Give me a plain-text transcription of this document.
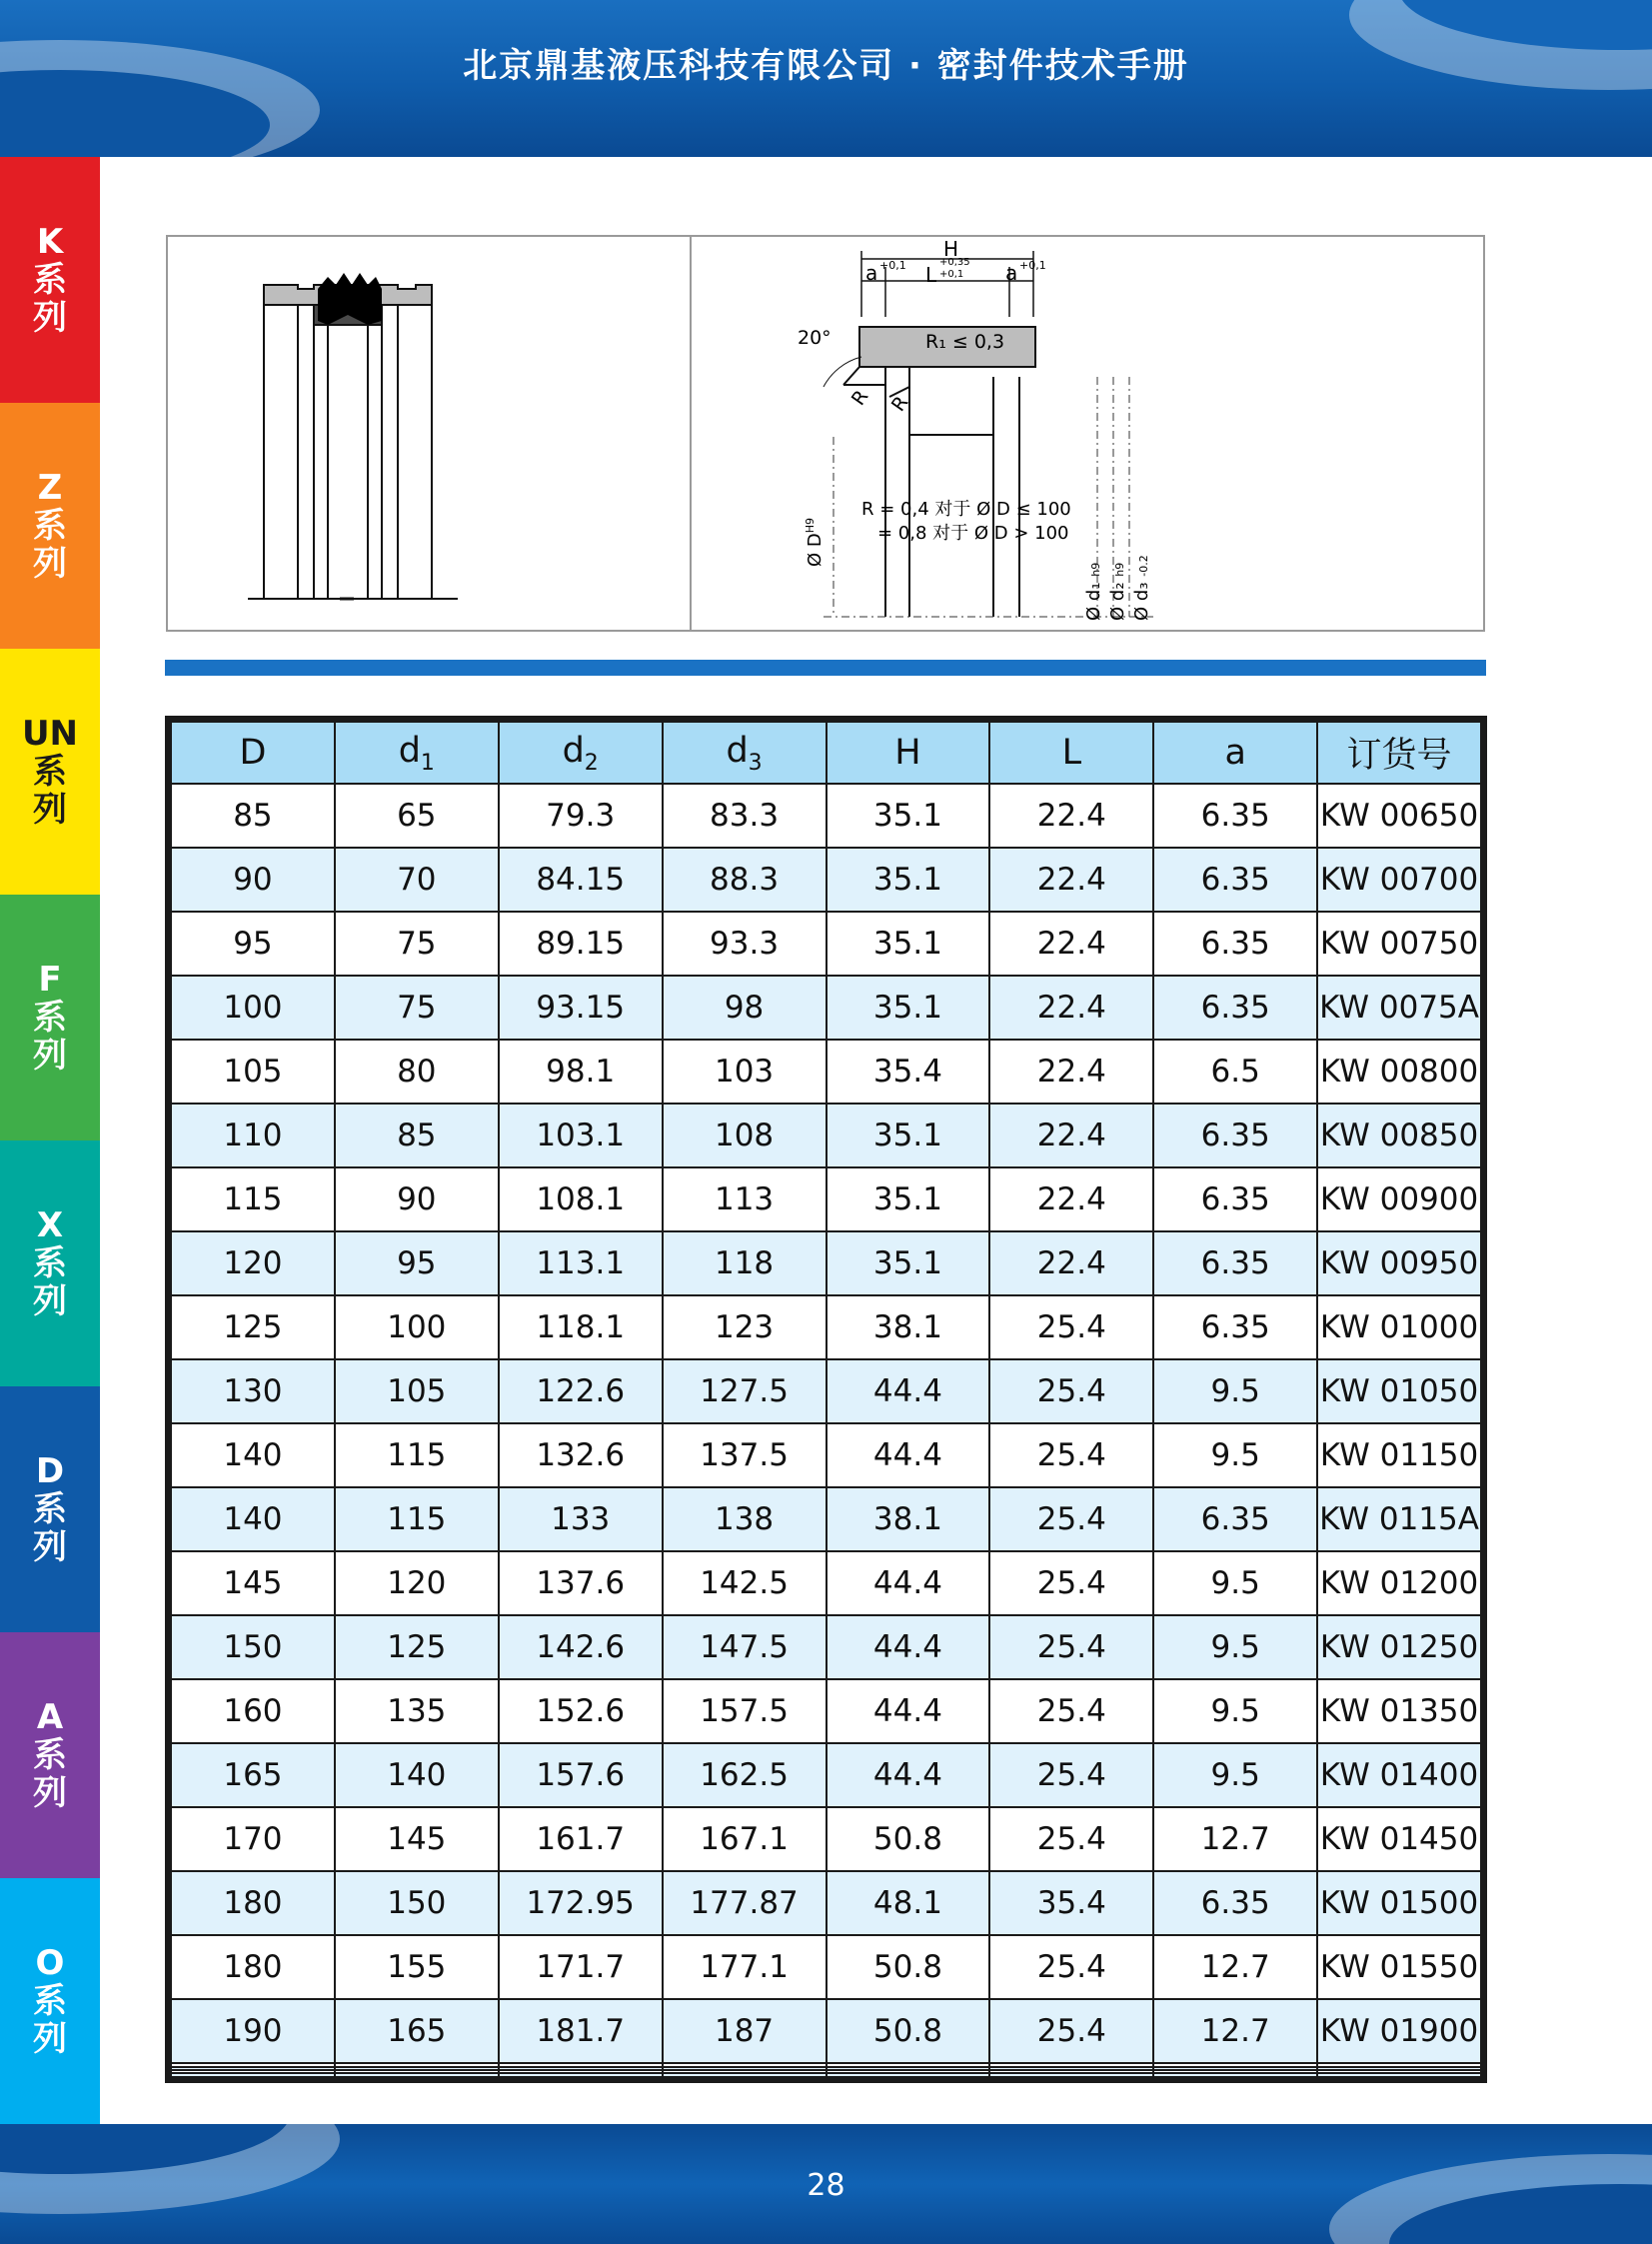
北京鼎基液压科技有限公司 · 密封件技术手册
K
系
列
Z
系
列
UN
系
列
F
系
列
X
系
列
D
系
列
A
系
列
O
系
列
H
a +0,1 L
+0,35
+0,1 a +0,1
20°	R₁ ≤ 0,3
R R
R = 0,4 对于 Ø D ≤ 100
= 0,8 对于 Ø D > 100
Ø $D^{H9}$
Ø d₁ h9
Ø d₂ h9
Ø d₃ -0.2
D	$d_1$	$d_2$	$d_3$	H	L	a	订货号
85	65	79.3	83.3	35.1	22.4	6.35	KW 00650
90	70	84.15	88.3	35.1	22.4	6.35	KW 00700
95	75	89.15	93.3	35.1	22.4	6.35	KW 00750
100	75	93.15	98	35.1	22.4	6.35	KW 0075A
105	80	98.1	103	35.4	22.4	6.5	KW 00800
110	85	103.1	108	35.1	22.4	6.35	KW 00850
115	90	108.1	113	35.1	22.4	6.35	KW 00900
120	95	113.1	118	35.1	22.4	6.35	KW 00950
125	100	118.1	123	38.1	25.4	6.35	KW 01000
130	105	122.6	127.5	44.4	25.4	9.5	KW 01050
140	115	132.6	137.5	44.4	25.4	9.5	KW 01150
140	115	133	138	38.1	25.4	6.35	KW 0115A
145	120	137.6	142.5	44.4	25.4	9.5	KW 01200
150	125	142.6	147.5	44.4	25.4	9.5	KW 01250
160	135	152.6	157.5	44.4	25.4	9.5	KW 01350
165	140	157.6	162.5	44.4	25.4	9.5	KW 01400
170	145	161.7	167.1	50.8	25.4	12.7	KW 01450
180	150	172.95	177.87	48.1	35.4	6.35	KW 01500
180	155	171.7	177.1	50.8	25.4	12.7	KW 01550
190	165	181.7	187	50.8	25.4	12.7	KW 01900

28
